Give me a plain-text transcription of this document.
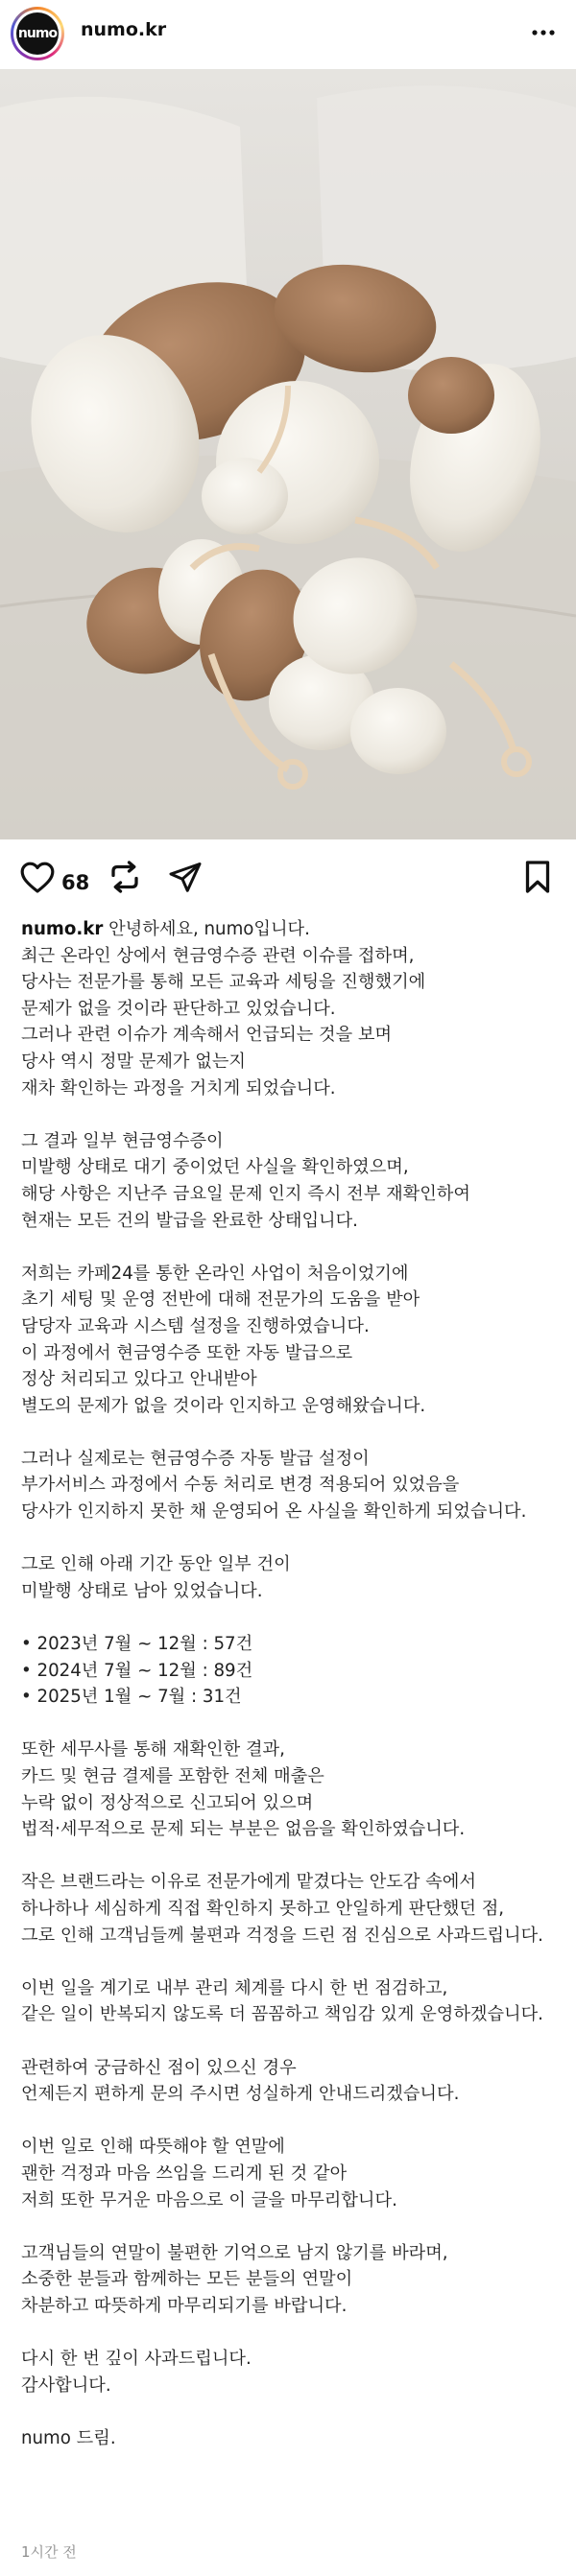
numo numo.kr
68
numo.kr 안녕하세요, numo입니다.
최근 온라인 상에서 현금영수증 관련 이슈를 접하며,
당사는 전문가를 통해 모든 교육과 세팅을 진행했기에
문제가 없을 것이라 판단하고 있었습니다.
그러나 관련 이슈가 계속해서 언급되는 것을 보며
당사 역시 정말 문제가 없는지
재차 확인하는 과정을 거치게 되었습니다.

그 결과 일부 현금영수증이
미발행 상태로 대기 중이었던 사실을 확인하였으며,
해당 사항은 지난주 금요일 문제 인지 즉시 전부 재확인하여
현재는 모든 건의 발급을 완료한 상태입니다.

저희는 카페24를 통한 온라인 사업이 처음이었기에
초기 세팅 및 운영 전반에 대해 전문가의 도움을 받아
담당자 교육과 시스템 설정을 진행하였습니다.
이 과정에서 현금영수증 또한 자동 발급으로
정상 처리되고 있다고 안내받아
별도의 문제가 없을 것이라 인지하고 운영해왔습니다.

그러나 실제로는 현금영수증 자동 발급 설정이
부가서비스 과정에서 수동 처리로 변경 적용되어 있었음을
당사가 인지하지 못한 채 운영되어 온 사실을 확인하게 되었습니다.

그로 인해 아래 기간 동안 일부 건이
미발행 상태로 남아 있었습니다.

• 2023년 7월 ~ 12월 : 57건
• 2024년 7월 ~ 12월 : 89건
• 2025년 1월 ~ 7월 : 31건

또한 세무사를 통해 재확인한 결과,
카드 및 현금 결제를 포함한 전체 매출은
누락 없이 정상적으로 신고되어 있으며
법적·세무적으로 문제 되는 부분은 없음을 확인하였습니다.

작은 브랜드라는 이유로 전문가에게 맡겼다는 안도감 속에서
하나하나 세심하게 직접 확인하지 못하고 안일하게 판단했던 점,
그로 인해 고객님들께 불편과 걱정을 드린 점 진심으로 사과드립니다.

이번 일을 계기로 내부 관리 체계를 다시 한 번 점검하고,
같은 일이 반복되지 않도록 더 꼼꼼하고 책임감 있게 운영하겠습니다.

관련하여 궁금하신 점이 있으신 경우
언제든지 편하게 문의 주시면 성실하게 안내드리겠습니다.

이번 일로 인해 따뜻해야 할 연말에
괜한 걱정과 마음 쓰임을 드리게 된 것 같아
저희 또한 무거운 마음으로 이 글을 마무리합니다.

고객님들의 연말이 불편한 기억으로 남지 않기를 바라며,
소중한 분들과 함께하는 모든 분들의 연말이
차분하고 따뜻하게 마무리되기를 바랍니다.

다시 한 번 깊이 사과드립니다.
감사합니다.

numo 드림.
1시간 전
